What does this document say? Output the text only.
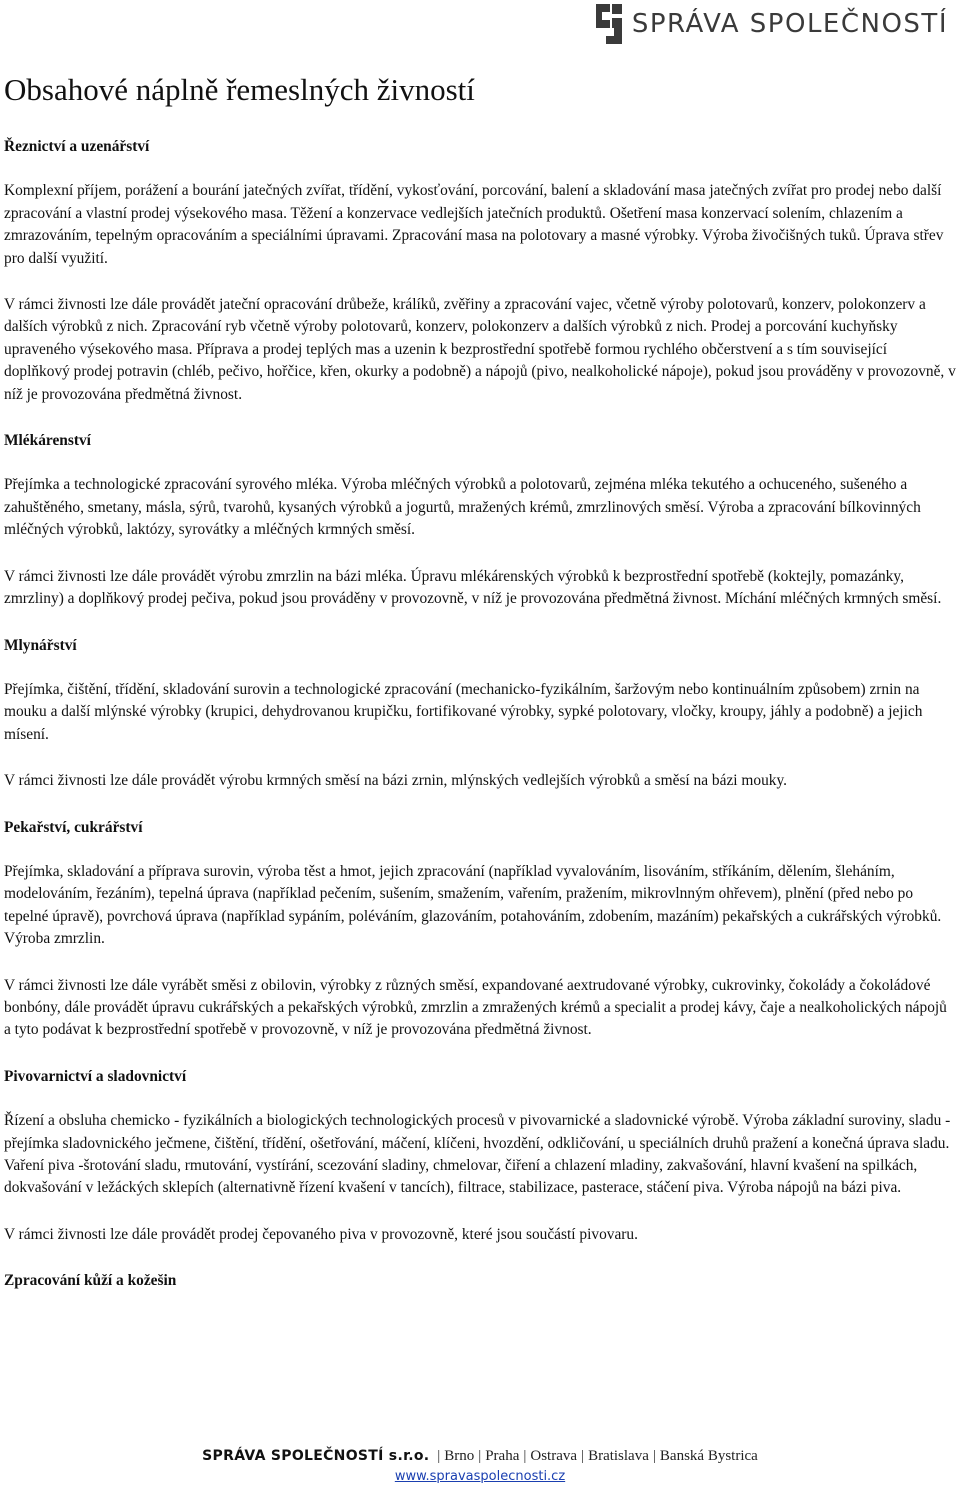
SPRÁVA SPOLEČNOSTÍ
Obsahové náplně řemeslných živností
Řeznictví a uzenářství

Komplexní příjem, porážení a bourání jatečných zvířat, třídění, vykosťování, porcování, balení a skladování masa jatečných zvířat pro prodej nebo další zpracování a vlastní prodej výsekového masa. Těžení a konzervace vedlejších jatečních produktů. Ošetření masa konzervací solením, chlazením a zmrazováním, tepelným opracováním a speciálními úpravami. Zpracování masa na polotovary a masné výrobky. Výroba živočišných tuků. Úprava střev pro další využití.

V rámci živnosti lze dále provádět jateční opracování drůbeže, králíků, zvěřiny a zpracování vajec, včetně výroby polotovarů, konzerv, polokonzerv a dalších výrobků z nich. Zpracování ryb včetně výroby polotovarů, konzerv, polokonzerv a dalších výrobků z nich. Prodej a porcování kuchyňsky upraveného výsekového masa. Příprava a prodej teplých mas a uzenin k bezprostřední spotřebě formou rychlého občerstvení a s tím související doplňkový prodej potravin (chléb, pečivo, hořčice, křen, okurky a podobně) a nápojů (pivo, nealkoholické nápoje), pokud jsou prováděny v provozovně, v níž je provozována předmětná živnost.

Mlékárenství

Přejímka a technologické zpracování syrového mléka. Výroba mléčných výrobků a polotovarů, zejména mléka tekutého a ochuceného, sušeného a zahuštěného, smetany, másla, sýrů, tvarohů, kysaných výrobků a jogurtů, mražených krémů, zmrzlinových směsí. Výroba a zpracování bílkovinných mléčných výrobků, laktózy, syrovátky a mléčných krmných směsí.

V rámci živnosti lze dále provádět výrobu zmrzlin na bázi mléka. Úpravu mlékárenských výrobků k bezprostřední spotřebě (koktejly, pomazánky, zmrzliny) a doplňkový prodej pečiva, pokud jsou prováděny v provozovně, v níž je provozována předmětná živnost. Míchání mléčných krmných směsí.

Mlynářství

Přejímka, čištění, třídění, skladování surovin a technologické zpracování (mechanicko-fyzikálním, šaržovým nebo kontinuálním způsobem) zrnin na mouku a další mlýnské výrobky (krupici, dehydrovanou krupičku, fortifikované výrobky, sypké polotovary, vločky, kroupy, jáhly a podobně) a jejich mísení.

V rámci živnosti lze dále provádět výrobu krmných směsí na bázi zrnin, mlýnských vedlejších výrobků a směsí na bázi mouky.

Pekařství, cukrářství

Přejímka, skladování a příprava surovin, výroba těst a hmot, jejich zpracování (například vyvalováním, lisováním, stříkáním, dělením, šleháním, modelováním, řezáním), tepelná úprava (například pečením, sušením, smažením, vařením, pražením, mikrovlnným ohřevem), plnění (před nebo po tepelné úpravě), povrchová úprava (například sypáním, poléváním, glazováním, potahováním, zdobením, mazáním) pekařských a cukrářských výrobků. Výroba zmrzlin.

V rámci živnosti lze dále vyrábět směsi z obilovin, výrobky z různých směsí, expandované aextrudované výrobky, cukrovinky, čokolády a čokoládové bonbóny, dále provádět úpravu cukrářských a pekařských výrobků, zmrzlin a zmražených krémů a specialit a prodej kávy, čaje a nealkoholických nápojů a tyto podávat k bezprostřední spotřebě v provozovně, v níž je provozována předmětná živnost.

Pivovarnictví a sladovnictví

Řízení a obsluha chemicko - fyzikálních a biologických technologických procesů v pivovarnické a sladovnické výrobě. Výroba základní suroviny, sladu - přejímka sladovnického ječmene, čištění, třídění, ošetřování, máčení, klíčeni, hvozdění, odkličování, u speciálních druhů pražení a konečná úprava sladu. Vaření piva -šrotování sladu, rmutování, vystírání, scezování sladiny, chmelovar, čiření a chlazení mladiny, zakvašování, hlavní kvašení na spilkách, dokvašování v ležáckých sklepích (alternativně řízení kvašení v tancích), filtrace, stabilizace, pasterace, stáčení piva. Výroba nápojů na bázi piva.

V rámci živnosti lze dále provádět prodej čepovaného piva v provozovně, které jsou součástí pivovaru.

Zpracování kůží a kožešin
SPRÁVA SPOLEČNOSTÍ s.r.o. | Brno | Praha | Ostrava | Bratislava | Banská Bystrica
www.spravaspolecnosti.cz
